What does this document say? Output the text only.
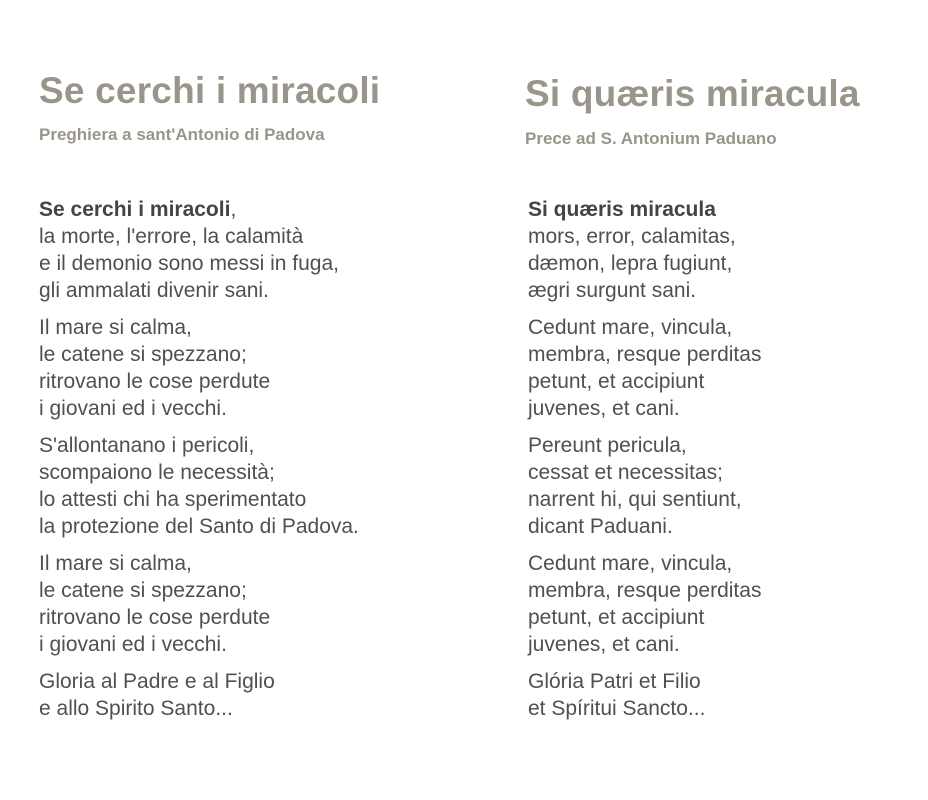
Se cerchi i miracoli
Preghiera a sant'Antonio di Padova

Se cerchi i miracoli,
la morte, l'errore, la calamità
e il demonio sono messi in fuga,
gli ammalati divenir sani.

Il mare si calma,
le catene si spezzano;
ritrovano le cose perdute
i giovani ed i vecchi.

S'allontanano i pericoli,
scompaiono le necessità;
lo attesti chi ha sperimentato
la protezione del Santo di Padova.

Il mare si calma,
le catene si spezzano;
ritrovano le cose perdute
i giovani ed i vecchi.

Gloria al Padre e al Figlio
e allo Spirito Santo...

Si quæris miracula
Prece ad S. Antonium Paduano

Si quæris miracula
mors, error, calamitas,
dæmon, lepra fugiunt,
ægri surgunt sani.

Cedunt mare, vincula,
membra, resque perditas
petunt, et accipiunt
juvenes, et cani.

Pereunt pericula,
cessat et necessitas;
narrent hi, qui sentiunt,
dicant Paduani.

Cedunt mare, vincula,
membra, resque perditas
petunt, et accipiunt
juvenes, et cani.

Glória Patri et Filio
et Spíritui Sancto...
